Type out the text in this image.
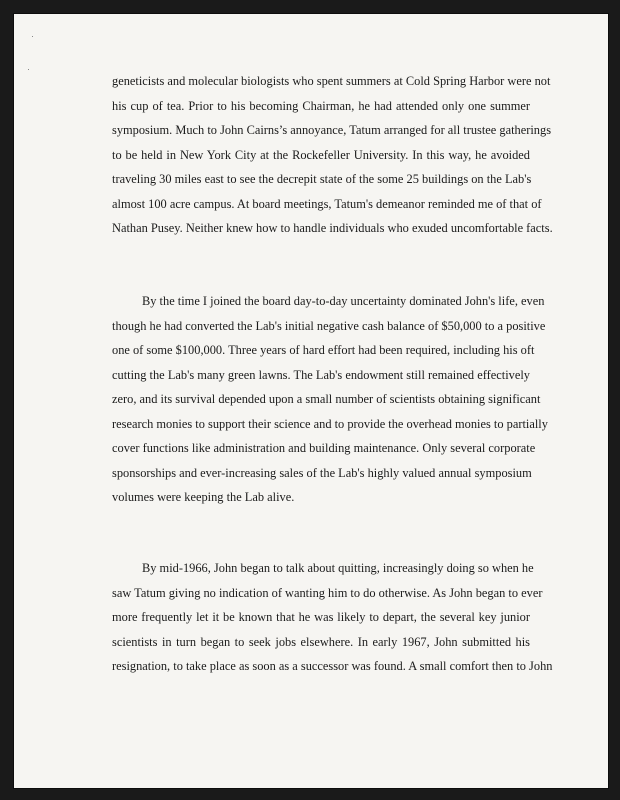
geneticists and molecular biologists who spent summers at Cold Spring Harbor were not
his cup of tea. Prior to his becoming Chairman, he had attended only one summer
symposium. Much to John Cairns’s annoyance, Tatum arranged for all trustee gatherings
to be held in New York City at the Rockefeller University. In this way, he avoided
traveling 30 miles east to see the decrepit state of the some 25 buildings on the Lab's
almost 100 acre campus. At board meetings, Tatum's demeanor reminded me of that of
Nathan Pusey. Neither knew how to handle individuals who exuded uncomfortable facts.
By the time I joined the board day-to-day uncertainty dominated John's life, even
though he had converted the Lab's initial negative cash balance of $50,000 to a positive
one of some $100,000. Three years of hard effort had been required, including his oft
cutting the Lab's many green lawns. The Lab's endowment still remained effectively
zero, and its survival depended upon a small number of scientists obtaining significant
research monies to support their science and to provide the overhead monies to partially
cover functions like administration and building maintenance. Only several corporate
sponsorships and ever-increasing sales of the Lab's highly valued annual symposium
volumes were keeping the Lab alive.
By mid-1966, John began to talk about quitting, increasingly doing so when he
saw Tatum giving no indication of wanting him to do otherwise. As John began to ever
more frequently let it be known that he was likely to depart, the several key junior
scientists in turn began to seek jobs elsewhere. In early 1967, John submitted his
resignation, to take place as soon as a successor was found. A small comfort then to John
